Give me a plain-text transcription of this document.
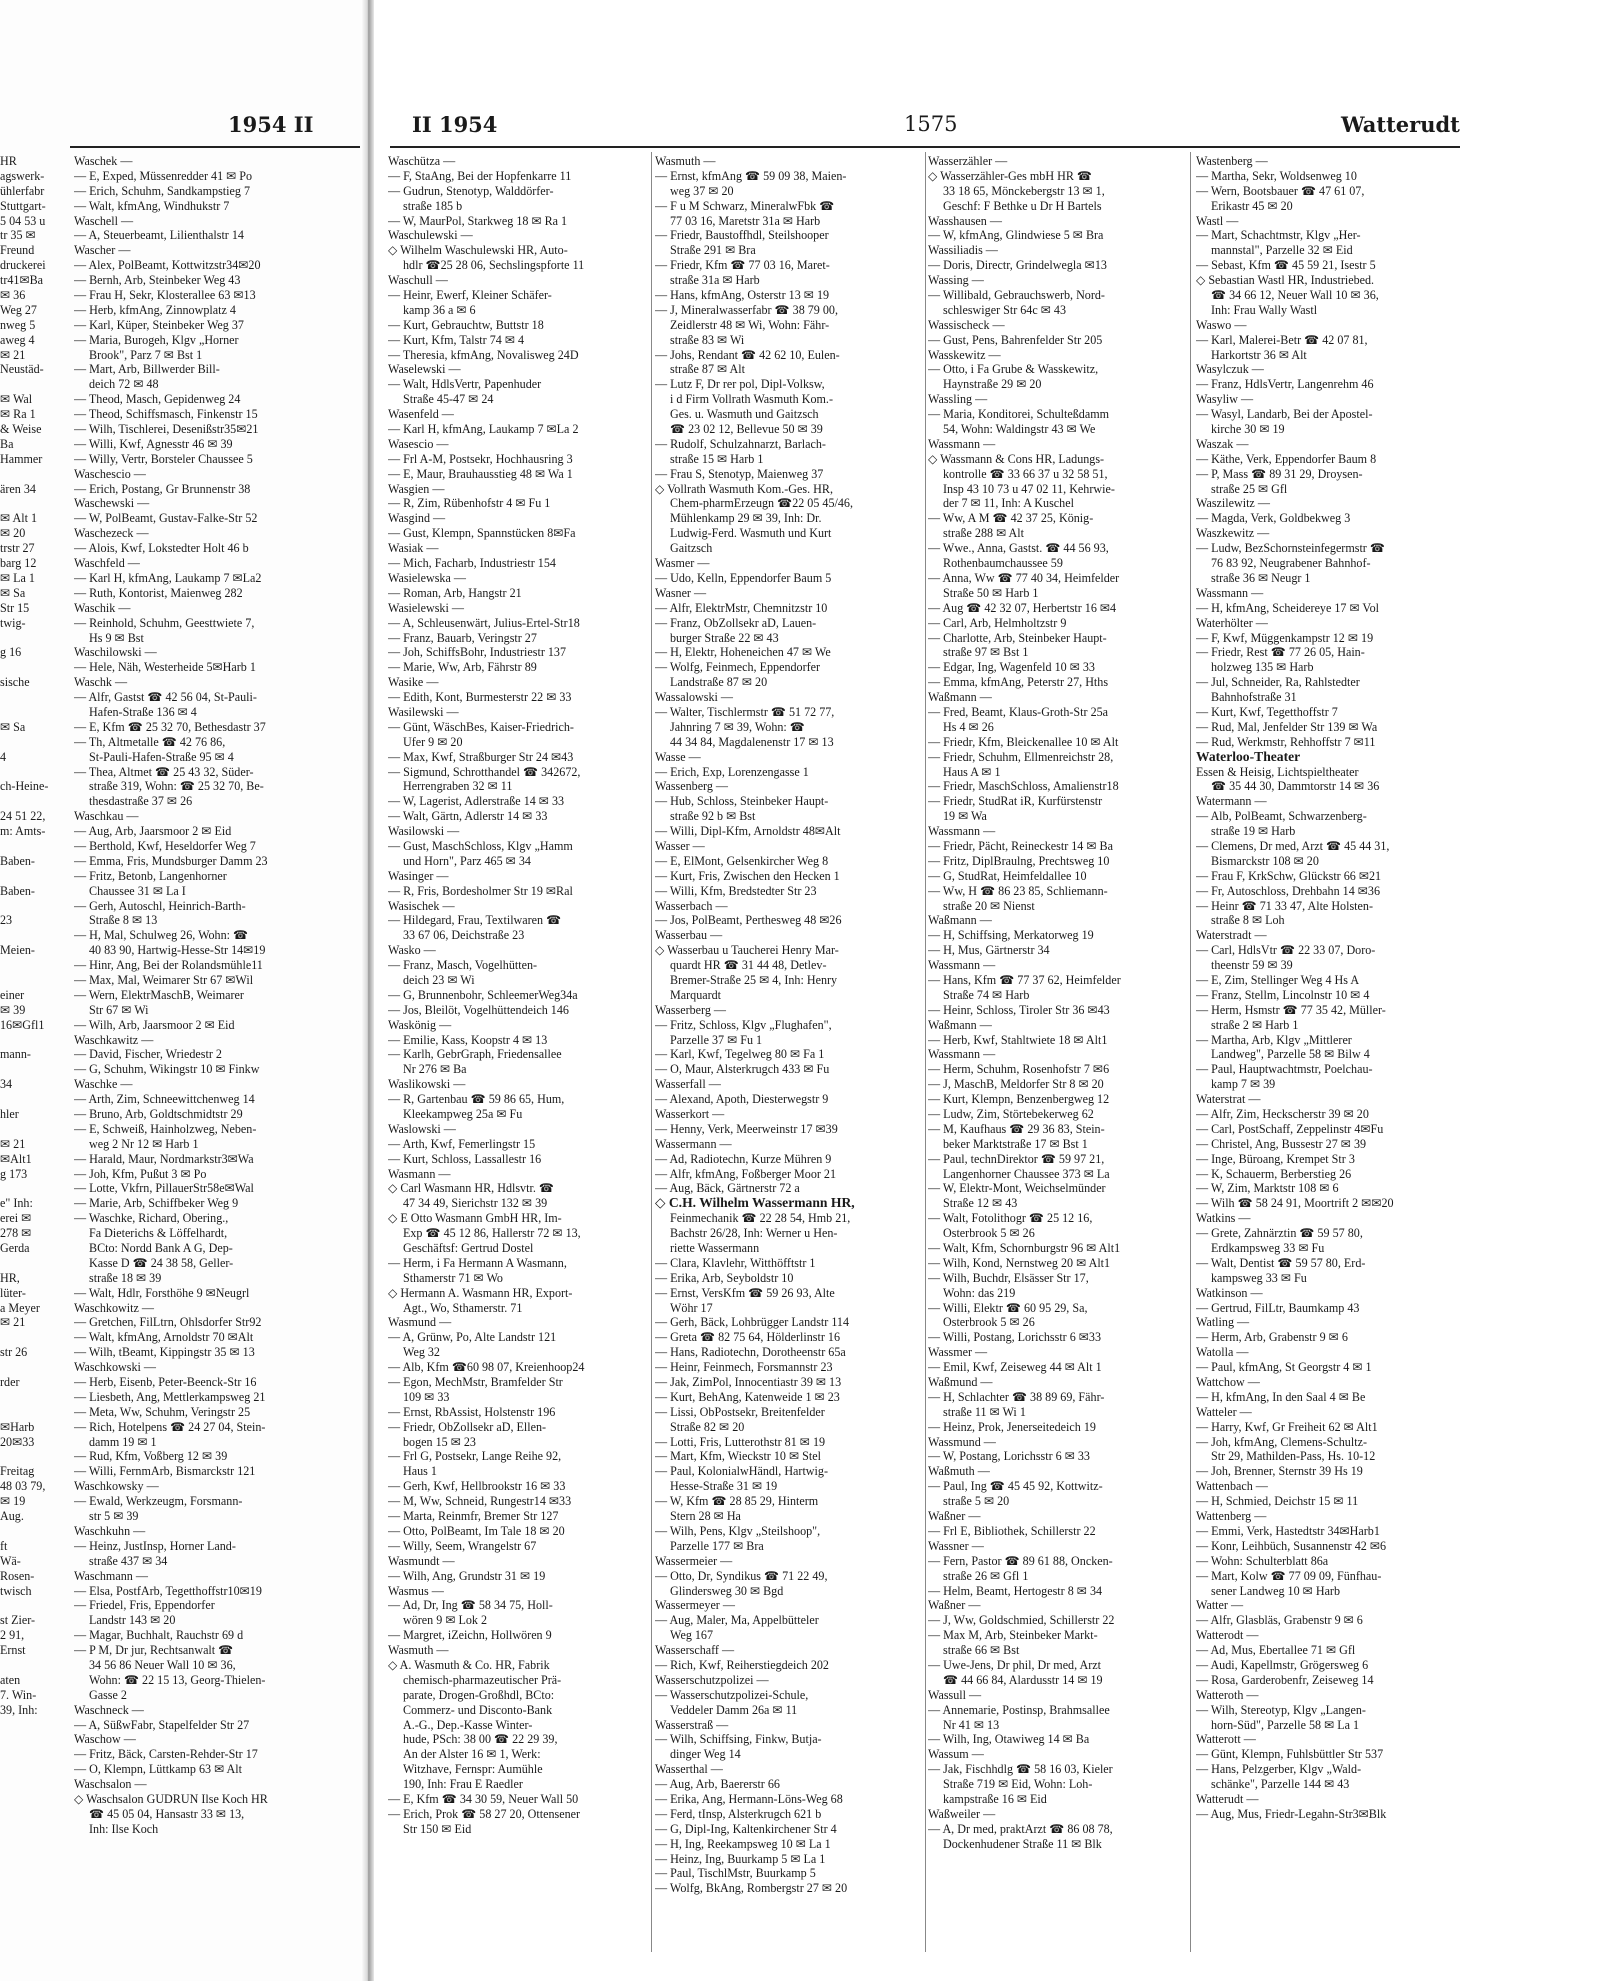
HR
agswerk-
ühlerfabr
Stuttgart-
5 04 53 u
tr 35 ✉
Freund
druckerei
tr41✉Ba
✉ 36
Weg 27
nweg 5
aweg 4
✉ 21
Neustäd-
✉ Wal
✉ Ra 1
& Weise
Ba
Hammer
ären 34
✉ Alt 1
✉ 20
trstr 27
barg 12
✉ La 1
✉ Sa
Str 15
twig-
g 16
sische
✉ Sa
4
ch-Heine-
24 51 22,
m: Amts-
Baben-
Baben-
23
Meien-
einer
✉ 39
16✉Gfl1
mann-
34
hler
✉ 21
✉Alt1
g 173
e" Inh:
erei ✉
278 ✉
Gerda
HR,
lüter-
a Meyer
✉ 21
str 26
rder
✉Harb
20✉33
Freitag
48 03 79,
✉ 19
Aug.
ft
Wä-
Rosen-
twisch
st Zier-
2 91,
Ernst
aten
7. Win-
39, Inh:
1954 II
Waschek —
— E, Exped, Müssenredder 41 ✉ Po
— Erich, Schuhm, Sandkampstieg 7
— Walt, kfmAng, Windhukstr 7
Waschell —
— A, Steuerbeamt, Lilienthalstr 14
Wascher —
— Alex, PolBeamt, Kottwitzstr34✉20
— Bernh, Arb, Steinbeker Weg 43
— Frau H, Sekr, Klosterallee 63 ✉13
— Herb, kfmAng, Zinnowplatz 4
— Karl, Küper, Steinbeker Weg 37
— Maria, Burogeh, Klgv „Horner
Brook", Parz 7 ✉ Bst 1
— Mart, Arb, Billwerder Bill-
deich 72 ✉ 48
— Theod, Masch, Gepidenweg 24
— Theod, Schiffsmasch, Finkenstr 15
— Wilh, Tischlerei, Desenißstr35✉21
— Willi, Kwf, Agnesstr 46 ✉ 39
— Willy, Vertr, Borsteler Chaussee 5
Waschescio —
— Erich, Postang, Gr Brunnenstr 38
Waschewski —
— W, PolBeamt, Gustav-Falke-Str 52
Waschezeck —
— Alois, Kwf, Lokstedter Holt 46 b
Waschfeld —
— Karl H, kfmAng, Laukamp 7 ✉La2
— Ruth, Kontorist, Maienweg 282
Waschik —
— Reinhold, Schuhm, Geesttwiete 7,
Hs 9 ✉ Bst
Waschilowski —
— Hele, Näh, Westerheide 5✉Harb 1
Waschk —
— Alfr, Gastst ☎ 42 56 04, St-Pauli-
Hafen-Straße 136 ✉ 4
— E, Kfm ☎ 25 32 70, Bethesdastr 37
— Th, Altmetalle ☎ 42 76 86,
St-Pauli-Hafen-Straße 95 ✉ 4
— Thea, Altmet ☎ 25 43 32, Süder-
straße 319, Wohn: ☎ 25 32 70, Be-
thesdastraße 37 ✉ 26
Waschkau —
— Aug, Arb, Jaarsmoor 2 ✉ Eid
— Berthold, Kwf, Heseldorfer Weg 7
— Emma, Fris, Mundsburger Damm 23
— Fritz, Betonb, Langenhorner
Chaussee 31 ✉ La I
— Gerh, Autoschl, Heinrich-Barth-
Straße 8 ✉ 13
— H, Mal, Schulweg 26, Wohn: ☎
40 83 90, Hartwig-Hesse-Str 14✉19
— Hinr, Ang, Bei der Rolandsmühle11
— Max, Mal, Weimarer Str 67 ✉Wil
— Wern, ElektrMaschB, Weimarer
Str 67 ✉ Wi
— Wilh, Arb, Jaarsmoor 2 ✉ Eid
Waschkawitz —
— David, Fischer, Wriedestr 2
— G, Schuhm, Wikingstr 10 ✉ Finkw
Waschke —
— Arth, Zim, Schneewittchenweg 14
— Bruno, Arb, Goldtschmidtstr 29
— E, Schweiß, Hainholzweg, Neben-
weg 2 Nr 12 ✉ Harb 1
— Harald, Maur, Nordmarkstr3✉Wa
— Joh, Kfm, Pußut 3 ✉ Po
— Lotte, Vkfrn, PillauerStr58e✉Wal
— Marie, Arb, Schiffbeker Weg 9
— Waschke, Richard, Obering.,
Fa Dieterichs & Löffelhardt,
BCto: Nordd Bank A G, Dep-
Kasse D ☎ 24 38 58, Geller-
straße 18 ✉ 39
— Walt, Hdlr, Forsthöhe 9 ✉Neugrl
Waschkowitz —
— Gretchen, FilLtrn, Ohlsdorfer Str92
— Walt, kfmAng, Arnoldstr 70 ✉Alt
— Wilh, tBeamt, Kippingstr 35 ✉ 13
Waschkowski —
— Herb, Eisenb, Peter-Beenck-Str 16
— Liesbeth, Ang, Mettlerkampsweg 21
— Meta, Ww, Schuhm, Veringstr 25
— Rich, Hotelpens ☎ 24 27 04, Stein-
damm 19 ✉ 1
— Rud, Kfm, Voßberg 12 ✉ 39
— Willi, FernmArb, Bismarckstr 121
Waschkowsky —
— Ewald, Werkzeugm, Forsmann-
str 5 ✉ 39
Waschkuhn —
— Heinz, JustInsp, Horner Land-
straße 437 ✉ 34
Waschmann —
— Elsa, PostfArb, Tegetthoffstr10✉19
— Friedel, Fris, Eppendorfer
Landstr 143 ✉ 20
— Magar, Buchhalt, Rauchstr 69 d
— P M, Dr jur, Rechtsanwalt ☎
34 56 86 Neuer Wall 10 ✉ 36,
Wohn: ☎ 22 15 13, Georg-Thielen-
Gasse 2
Waschneck —
— A, SüßwFabr, Stapelfelder Str 27
Waschow —
— Fritz, Bäck, Carsten-Rehder-Str 17
— O, Klempn, Lüttkamp 63 ✉ Alt
Waschsalon —
◇ Waschsalon GUDRUN Ilse Koch HR
☎ 45 05 04, Hansastr 33 ✉ 13,
Inh: Ilse Koch
II 1954	1575	Watterudt
Waschütza —
— F, StaAng, Bei der Hopfenkarre 11
— Gudrun, Stenotyp, Walddörfer-
straße 185 b
— W, MaurPol, Starkweg 18 ✉ Ra 1
Waschulewski —
◇ Wilhelm Waschulewski HR, Auto-
hdlr ☎25 28 06, Sechslingspforte 11
Waschull —
— Heinr, Ewerf, Kleiner Schäfer-
kamp 36 a ✉ 6
— Kurt, Gebrauchtw, Buttstr 18
— Kurt, Kfm, Talstr 74 ✉ 4
— Theresia, kfmAng, Novalisweg 24D
Waselewski —
— Walt, HdlsVertr, Papenhuder
Straße 45-47 ✉ 24
Wasenfeld —
— Karl H, kfmAng, Laukamp 7 ✉La 2
Wasescio —
— Frl A-M, Postsekr, Hochhausring 3
— E, Maur, Brauhausstieg 48 ✉ Wa 1
Wasgien —
— R, Zim, Rübenhofstr 4 ✉ Fu 1
Wasgind —
— Gust, Klempn, Spannstücken 8✉Fa
Wasiak —
— Mich, Facharb, Industriestr 154
Wasielewska —
— Roman, Arb, Hangstr 21
Wasielewski —
— A, Schleusenwärt, Julius-Ertel-Str18
— Franz, Bauarb, Veringstr 27
— Joh, SchiffsBohr, Industriestr 137
— Marie, Ww, Arb, Fährstr 89
Wasike —
— Edith, Kont, Burmesterstr 22 ✉ 33
Wasilewski —
— Günt, WäschBes, Kaiser-Friedrich-
Ufer 9 ✉ 20
— Max, Kwf, Straßburger Str 24 ✉43
— Sigmund, Schrotthandel ☎ 342672,
Herrengraben 32 ✉ 11
— W, Lagerist, Adlerstraße 14 ✉ 33
— Walt, Gärtn, Adlerstr 14 ✉ 33
Wasilowski —
— Gust, MaschSchloss, Klgv „Hamm
und Horn", Parz 465 ✉ 34
Wasinger —
— R, Fris, Bordesholmer Str 19 ✉Ral
Wasischek —
— Hildegard, Frau, Textilwaren ☎
33 67 06, Deichstraße 23
Wasko —
— Franz, Masch, Vogelhütten-
deich 23 ✉ Wi
— G, Brunnenbohr, SchleemerWeg34a
— Jos, Bleilöt, Vogelhüttendeich 146
Waskönig —
— Emilie, Kass, Koopstr 4 ✉ 13
— Karlh, GebrGraph, Friedensallee
Nr 276 ✉ Ba
Waslikowski —
— R, Gartenbau ☎ 59 86 65, Hum,
Kleekampweg 25a ✉ Fu
Waslowski —
— Arth, Kwf, Femerlingstr 15
— Kurt, Schloss, Lassallestr 16
Wasmann —
◇ Carl Wasmann HR, Hdlsvtr. ☎
47 34 49, Sierichstr 132 ✉ 39
◇ E Otto Wasmann GmbH HR, Im-
Exp ☎ 45 12 86, Hallerstr 72 ✉ 13,
Geschäftsf: Gertrud Dostel
— Herm, i Fa Hermann A Wasmann,
Sthamerstr 71 ✉ Wo
◇ Hermann A. Wasmann HR, Export-
Agt., Wo, Sthamerstr. 71
Wasmund —
— A, Grünw, Po, Alte Landstr 121
Weg 32
— Alb, Kfm ☎60 98 07, Kreienhoop24
— Egon, MechMstr, Bramfelder Str
109 ✉ 33
— Ernst, RbAssist, Holstenstr 196
— Friedr, ObZollsekr aD, Ellen-
bogen 15 ✉ 23
— Frl G, Postsekr, Lange Reihe 92,
Haus 1
— Gerh, Kwf, Hellbrookstr 16 ✉ 33
— M, Ww, Schneid, Rungestr14 ✉33
— Marta, Reinmfr, Bremer Str 127
— Otto, PolBeamt, Im Tale 18 ✉ 20
— Willy, Seem, Wrangelstr 67
Wasmundt —
— Wilh, Ang, Grundstr 31 ✉ 19
Wasmus —
— Ad, Dr, Ing ☎ 58 34 75, Holl-
wören 9 ✉ Lok 2
— Margret, iZeichn, Hollwören 9
Wasmuth —
◇ A. Wasmuth & Co. HR, Fabrik
chemisch-pharmazeutischer Prä-
parate, Drogen-Großhdl, BCto:
Commerz- und Disconto-Bank
A.-G., Dep.-Kasse Winter-
hude, PSch: 38 00 ☎ 22 29 39,
An der Alster 16 ✉ 1, Werk:
Witzhave, Fernspr: Aumühle
190, Inh: Frau E Raedler
— E, Kfm ☎ 34 30 59, Neuer Wall 50
— Erich, Prok ☎ 58 27 20, Ottensener
Str 150 ✉ Eid
Wasmuth —
— Ernst, kfmAng ☎ 59 09 38, Maien-
weg 37 ✉ 20
— F u M Schwarz, MineralwFbk ☎
77 03 16, Maretstr 31a ✉ Harb
— Friedr, Baustoffhdl, Steilshooper
Straße 291 ✉ Bra
— Friedr, Kfm ☎ 77 03 16, Maret-
straße 31a ✉ Harb
— Hans, kfmAng, Osterstr 13 ✉ 19
— J, Mineralwasserfabr ☎ 38 79 00,
Zeidlerstr 48 ✉ Wi, Wohn: Fähr-
straße 83 ✉ Wi
— Johs, Rendant ☎ 42 62 10, Eulen-
straße 87 ✉ Alt
— Lutz F, Dr rer pol, Dipl-Volksw,
i d Firm Vollrath Wasmuth Kom.-
Ges. u. Wasmuth und Gaitzsch
☎ 23 02 12, Bellevue 50 ✉ 39
— Rudolf, Schulzahnarzt, Barlach-
straße 15 ✉ Harb 1
— Frau S, Stenotyp, Maienweg 37
◇ Vollrath Wasmuth Kom.-Ges. HR,
Chem-pharmErzeugn ☎22 05 45/46,
Mühlenkamp 29 ✉ 39, Inh: Dr.
Ludwig-Ferd. Wasmuth und Kurt
Gaitzsch
Wasmer —
— Udo, Kelln, Eppendorfer Baum 5
Wasner —
— Alfr, ElektrMstr, Chemnitzstr 10
— Franz, ObZollsekr aD, Lauen-
burger Straße 22 ✉ 43
— H, Elektr, Hoheneichen 47 ✉ We
— Wolfg, Feinmech, Eppendorfer
Landstraße 87 ✉ 20
Wassalowski —
— Walter, Tischlermstr ☎ 51 72 77,
Jahnring 7 ✉ 39, Wohn: ☎
44 34 84, Magdalenenstr 17 ✉ 13
Wasse —
— Erich, Exp, Lorenzengasse 1
Wassenberg —
— Hub, Schloss, Steinbeker Haupt-
straße 92 b ✉ Bst
— Willi, Dipl-Kfm, Arnoldstr 48✉Alt
Wasser —
— E, ElMont, Gelsenkircher Weg 8
— Kurt, Fris, Zwischen den Hecken 1
— Willi, Kfm, Bredstedter Str 23
Wasserbach —
— Jos, PolBeamt, Perthesweg 48 ✉26
Wasserbau —
◇ Wasserbau u Taucherei Henry Mar-
quardt HR ☎ 31 44 48, Detlev-
Bremer-Straße 25 ✉ 4, Inh: Henry
Marquardt
Wasserberg —
— Fritz, Schloss, Klgv „Flughafen",
Parzelle 37 ✉ Fu 1
— Karl, Kwf, Tegelweg 80 ✉ Fa 1
— O, Maur, Alsterkrugch 433 ✉ Fu
Wasserfall —
— Alexand, Apoth, Diesterwegstr 9
Wasserkort —
— Henny, Verk, Meerweinstr 17 ✉39
Wassermann —
— Ad, Radiotechn, Kurze Mühren 9
— Alfr, kfmAng, Foßberger Moor 21
— Aug, Bäck, Gärtnerstr 72 a
◇ C.H. Wilhelm Wassermann HR,
Feinmechanik ☎ 22 28 54, Hmb 21,
Bachstr 26/28, Inh: Werner u Hen-
riette Wassermann
— Clara, Klavlehr, Witthöfftstr 1
— Erika, Arb, Seyboldstr 10
— Ernst, VersKfm ☎ 59 26 93, Alte
Wöhr 17
— Gerh, Bäck, Lohbrügger Landstr 114
— Greta ☎ 82 75 64, Hölderlinstr 16
— Hans, Radiotechn, Dorotheenstr 65a
— Heinr, Feinmech, Forsmannstr 23
— Jak, ZimPol, Innocentiastr 39 ✉ 13
— Kurt, BehAng, Katenweide 1 ✉ 23
— Lissi, ObPostsekr, Breitenfelder
Straße 82 ✉ 20
— Lotti, Fris, Lutterothstr 81 ✉ 19
— Mart, Kfm, Wieckstr 10 ✉ Stel
— Paul, KolonialwHändl, Hartwig-
Hesse-Straße 31 ✉ 19
— W, Kfm ☎ 28 85 29, Hinterm
Stern 28 ✉ Ha
— Wilh, Pens, Klgv „Steilshoop",
Parzelle 177 ✉ Bra
Wassermeier —
— Otto, Dr, Syndikus ☎ 71 22 49,
Glindersweg 30 ✉ Bgd
Wassermeyer —
— Aug, Maler, Ma, Appelbütteler
Weg 167
Wasserschaff —
— Rich, Kwf, Reiherstiegdeich 202
Wasserschutzpolizei —
— Wasserschutzpolizei-Schule,
Veddeler Damm 26a ✉ 11
Wasserstraß —
— Wilh, Schiffsing, Finkw, Butja-
dinger Weg 14
Wasserthal —
— Aug, Arb, Baererstr 66
— Erika, Ang, Hermann-Löns-Weg 68
— Ferd, tInsp, Alsterkrugch 621 b
— G, Dipl-Ing, Kaltenkirchener Str 4
— H, Ing, Reekampsweg 10 ✉ La 1
— Heinz, Ing, Buurkamp 5 ✉ La 1
— Paul, TischlMstr, Buurkamp 5
— Wolfg, BkAng, Rombergstr 27 ✉ 20
Wasserzähler —
◇ Wasserzähler-Ges mbH HR ☎
33 18 65, Mönckebergstr 13 ✉ 1,
Geschf: F Bethke u Dr H Bartels
Wasshausen —
— W, kfmAng, Glindwiese 5 ✉ Bra
Wassiliadis —
— Doris, Directr, Grindelwegla ✉13
Wassing —
— Willibald, Gebrauchswerb, Nord-
schleswiger Str 64c ✉ 43
Wassischeck —
— Gust, Pens, Bahrenfelder Str 205
Wasskewitz —
— Otto, i Fa Grube & Wasskewitz,
Haynstraße 29 ✉ 20
Wassling —
— Maria, Konditorei, Schulteßdamm
54, Wohn: Waldingstr 43 ✉ We
Wassmann —
◇ Wassmann & Cons HR, Ladungs-
kontrolle ☎ 33 66 37 u 32 58 51,
Insp 43 10 73 u 47 02 11, Kehrwie-
der 7 ✉ 11, Inh: A Kuschel
— Ww, A M ☎ 42 37 25, König-
straße 288 ✉ Alt
— Wwe., Anna, Gastst. ☎ 44 56 93,
Rothenbaumchaussee 59
— Anna, Ww ☎ 77 40 34, Heimfelder
Straße 50 ✉ Harb 1
— Aug ☎ 42 32 07, Herbertstr 16 ✉4
— Carl, Arb, Helmholtzstr 9
— Charlotte, Arb, Steinbeker Haupt-
straße 97 ✉ Bst 1
— Edgar, Ing, Wagenfeld 10 ✉ 33
— Emma, kfmAng, Peterstr 27, Hths
Waßmann —
— Fred, Beamt, Klaus-Groth-Str 25a
Hs 4 ✉ 26
— Friedr, Kfm, Bleickenallee 10 ✉ Alt
— Friedr, Schuhm, Ellmenreichstr 28,
Haus A ✉ 1
— Friedr, MaschSchloss, Amalienstr18
— Friedr, StudRat iR, Kurfürstenstr
19 ✉ Wa
Wassmann —
— Friedr, Pächt, Reineckestr 14 ✉ Ba
— Fritz, DiplBraulng, Prechtsweg 10
— G, StudRat, Heimfeldallee 10
— Ww, H ☎ 86 23 85, Schliemann-
straße 20 ✉ Nienst
Waßmann —
— H, Schiffsing, Merkatorweg 19
— H, Mus, Gärtnerstr 34
Wassmann —
— Hans, Kfm ☎ 77 37 62, Heimfelder
Straße 74 ✉ Harb
— Heinr, Schloss, Tiroler Str 36 ✉43
Waßmann —
— Herb, Kwf, Stahltwiete 18 ✉ Alt1
Wassmann —
— Herm, Schuhm, Rosenhofstr 7 ✉6
— J, MaschB, Meldorfer Str 8 ✉ 20
— Kurt, Klempn, Benzenbergweg 12
— Ludw, Zim, Störtebekerweg 62
— M, Kaufhaus ☎ 29 36 83, Stein-
beker Marktstraße 17 ✉ Bst 1
— Paul, technDirektor ☎ 59 97 21,
Langenhorner Chaussee 373 ✉ La
— W, Elektr-Mont, Weichselmünder
Straße 12 ✉ 43
— Walt, Fotolithogr ☎ 25 12 16,
Osterbrook 5 ✉ 26
— Walt, Kfm, Schornburgstr 96 ✉ Alt1
— Wilh, Kond, Nernstweg 20 ✉ Alt1
— Wilh, Buchdr, Elsässer Str 17,
Wohn: das 219
— Willi, Elektr ☎ 60 95 29, Sa,
Osterbrook 5 ✉ 26
— Willi, Postang, Lorichsstr 6 ✉33
Wassmer —
— Emil, Kwf, Zeiseweg 44 ✉ Alt 1
Waßmund —
— H, Schlachter ☎ 38 89 69, Fähr-
straße 11 ✉ Wi 1
— Heinz, Prok, Jenerseitedeich 19
Wassmund —
— W, Postang, Lorichsstr 6 ✉ 33
Waßmuth —
— Paul, Ing ☎ 45 45 92, Kottwitz-
straße 5 ✉ 20
Waßner —
— Frl E, Bibliothek, Schillerstr 22
Wassner —
— Fern, Pastor ☎ 89 61 88, Oncken-
straße 26 ✉ Gfl 1
— Helm, Beamt, Hertogestr 8 ✉ 34
Waßner —
— J, Ww, Goldschmied, Schillerstr 22
— Max M, Arb, Steinbeker Markt-
straße 66 ✉ Bst
— Uwe-Jens, Dr phil, Dr med, Arzt
☎ 44 66 84, Alardusstr 14 ✉ 19
Wassull —
— Annemarie, Postinsp, Brahmsallee
Nr 41 ✉ 13
— Wilh, Ing, Otawiweg 14 ✉ Ba
Wassum —
— Jak, Fischhdlg ☎ 58 16 03, Kieler
Straße 719 ✉ Eid, Wohn: Loh-
kampstraße 16 ✉ Eid
Waßweiler —
— A, Dr med, praktArzt ☎ 86 08 78,
Dockenhudener Straße 11 ✉ Blk
Wastenberg —
— Martha, Sekr, Woldsenweg 10
— Wern, Bootsbauer ☎ 47 61 07,
Erikastr 45 ✉ 20
Wastl —
— Mart, Schachtmstr, Klgv „Her-
mannstal", Parzelle 32 ✉ Eid
— Sebast, Kfm ☎ 45 59 21, Isestr 5
◇ Sebastian Wastl HR, Industriebed.
☎ 34 66 12, Neuer Wall 10 ✉ 36,
Inh: Frau Wally Wastl
Waswo —
— Karl, Malerei-Betr ☎ 42 07 81,
Harkortstr 36 ✉ Alt
Wasylczuk —
— Franz, HdlsVertr, Langenrehm 46
Wasyliw —
— Wasyl, Landarb, Bei der Apostel-
kirche 30 ✉ 19
Waszak —
— Käthe, Verk, Eppendorfer Baum 8
— P, Mass ☎ 89 31 29, Droysen-
straße 25 ✉ Gfl
Waszilewitz —
— Magda, Verk, Goldbekweg 3
Waszkewitz —
— Ludw, BezSchornsteinfegermstr ☎
76 83 92, Neugrabener Bahnhof-
straße 36 ✉ Neugr 1
Wassmann —
— H, kfmAng, Scheidereye 17 ✉ Vol
Waterhölter —
— F, Kwf, Müggenkampstr 12 ✉ 19
— Friedr, Rest ☎ 77 26 05, Hain-
holzweg 135 ✉ Harb
— Jul, Schneider, Ra, Rahlstedter
Bahnhofstraße 31
— Kurt, Kwf, Tegetthoffstr 7
— Rud, Mal, Jenfelder Str 139 ✉ Wa
— Rud, Werkmstr, Rehhoffstr 7 ✉11
Waterloo-Theater
Essen & Heisig, Lichtspieltheater
☎ 35 44 30, Dammtorstr 14 ✉ 36
Watermann —
— Alb, PolBeamt, Schwarzenberg-
straße 19 ✉ Harb
— Clemens, Dr med, Arzt ☎ 45 44 31,
Bismarckstr 108 ✉ 20
— Frau F, KrkSchw, Glückstr 66 ✉21
— Fr, Autoschloss, Drehbahn 14 ✉36
— Heinr ☎ 71 33 47, Alte Holsten-
straße 8 ✉ Loh
Waterstradt —
— Carl, HdlsVtr ☎ 22 33 07, Doro-
theenstr 59 ✉ 39
— E, Zim, Stellinger Weg 4 Hs A
— Franz, Stellm, Lincolnstr 10 ✉ 4
— Herm, Hsmstr ☎ 77 35 42, Müller-
straße 2 ✉ Harb 1
— Martha, Arb, Klgv „Mittlerer
Landweg", Parzelle 58 ✉ Bilw 4
— Paul, Hauptwachtmstr, Poelchau-
kamp 7 ✉ 39
Waterstrat —
— Alfr, Zim, Heckscherstr 39 ✉ 20
— Carl, PostSchaff, Zeppelinstr 4✉Fu
— Christel, Ang, Bussestr 27 ✉ 39
— Inge, Büroang, Krempet Str 3
— K, Schauerm, Berberstieg 26
— W, Zim, Marktstr 108 ✉ 6
— Wilh ☎ 58 24 91, Moortrift 2 ✉✉20
Watkins —
— Grete, Zahnärztin ☎ 59 57 80,
Erdkampsweg 33 ✉ Fu
— Walt, Dentist ☎ 59 57 80, Erd-
kampsweg 33 ✉ Fu
Watkinson —
— Gertrud, FilLtr, Baumkamp 43
Watling —
— Herm, Arb, Grabenstr 9 ✉ 6
Watolla —
— Paul, kfmAng, St Georgstr 4 ✉ 1
Wattchow —
— H, kfmAng, In den Saal 4 ✉ Be
Watteler —
— Harry, Kwf, Gr Freiheit 62 ✉ Alt1
— Joh, kfmAng, Clemens-Schultz-
Str 29, Mathilden-Pass, Hs. 10-12
— Joh, Brenner, Sternstr 39 Hs 19
Wattenbach —
— H, Schmied, Deichstr 15 ✉ 11
Wattenberg —
— Emmi, Verk, Hastedtstr 34✉Harb1
— Konr, Leihbüch, Susannenstr 42 ✉6
— Wohn: Schulterblatt 86a
— Mart, Kolw ☎ 77 09 09, Fünfhau-
sener Landweg 10 ✉ Harb
Watter —
— Alfr, Glasbläs, Grabenstr 9 ✉ 6
Watterodt —
— Ad, Mus, Ebertallee 71 ✉ Gfl
— Audi, Kapellmstr, Grögersweg 6
— Rosa, Garderobenfr, Zeiseweg 14
Watteroth —
— Wilh, Stereotyp, Klgv „Langen-
horn-Süd", Parzelle 58 ✉ La 1
Watterott —
— Günt, Klempn, Fuhlsbüttler Str 537
— Hans, Pelzgerber, Klgv „Wald-
schänke", Parzelle 144 ✉ 43
Watterudt —
— Aug, Mus, Friedr-Legahn-Str3✉Blk
